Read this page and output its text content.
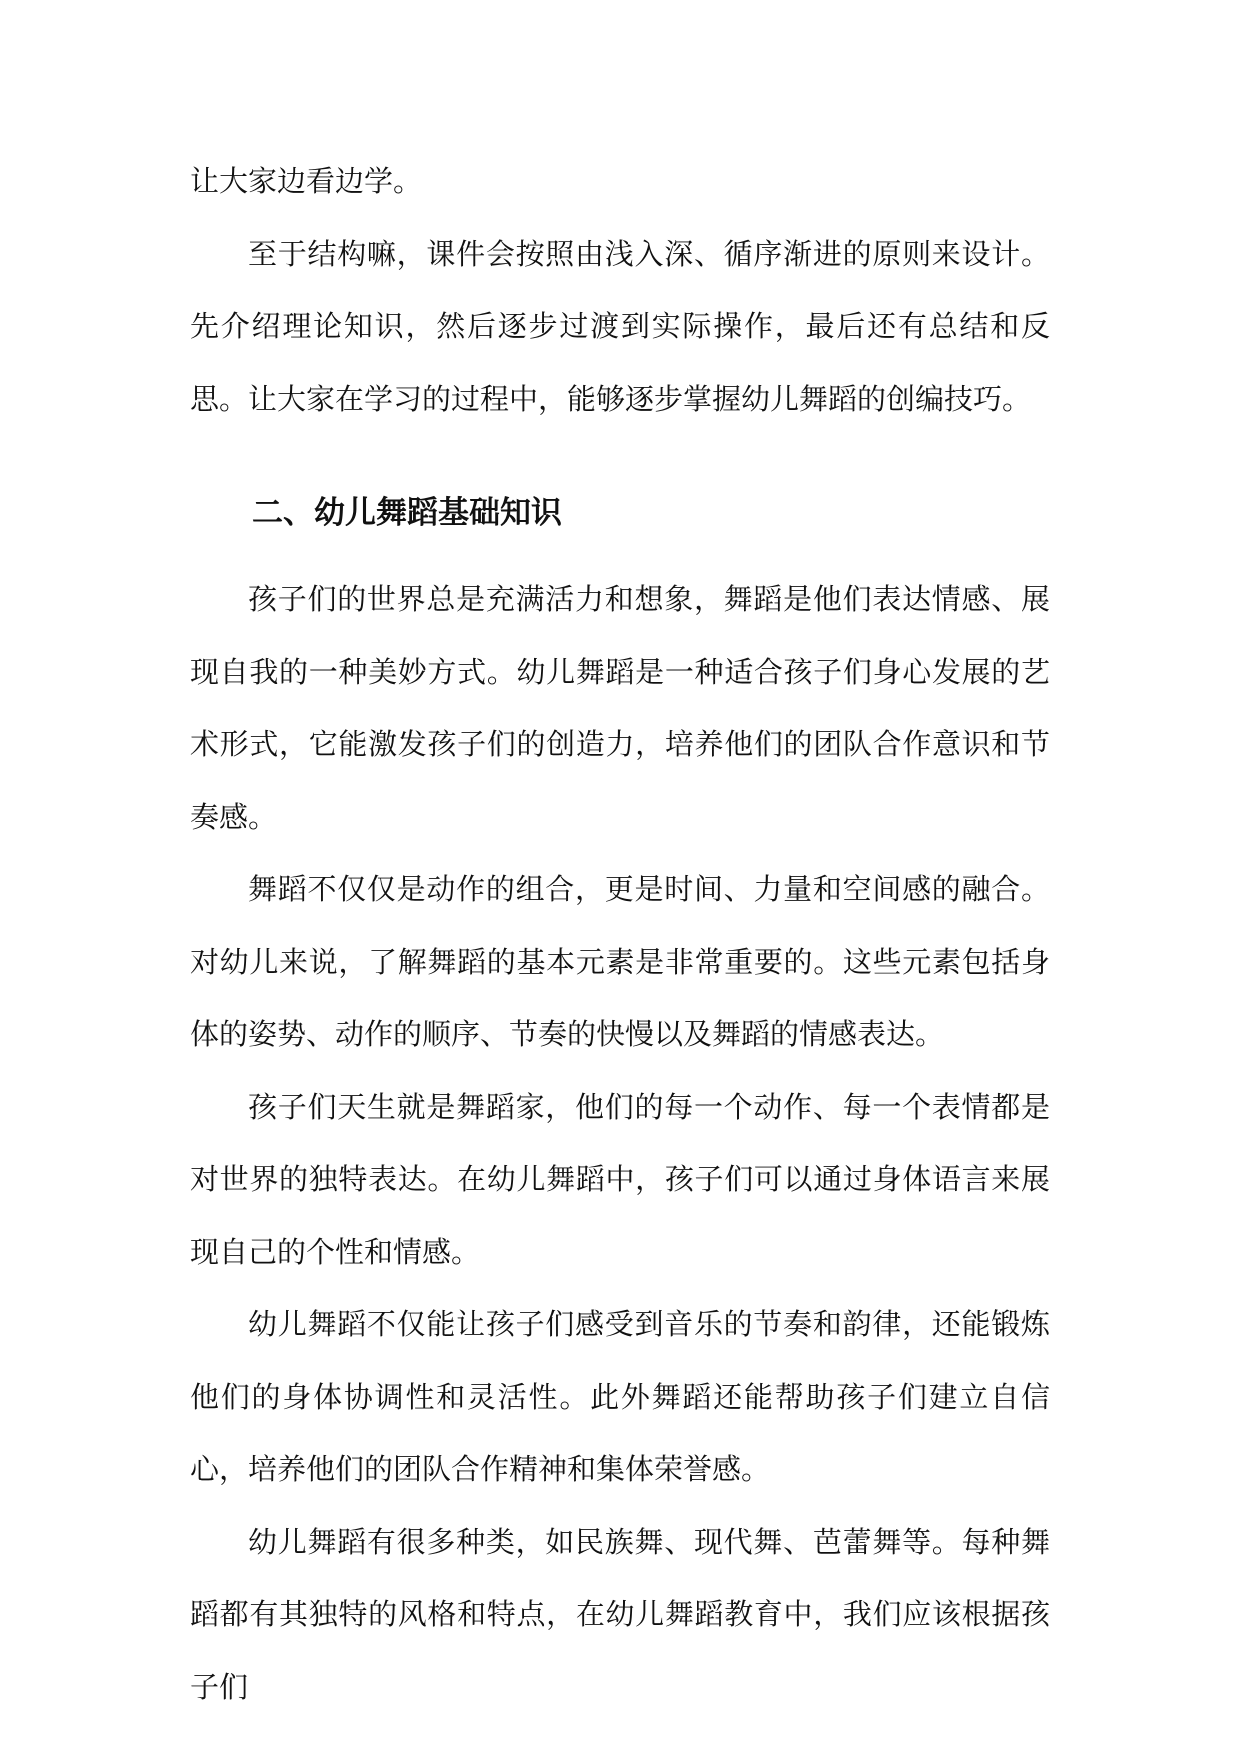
让大家边看边学。

至于结构嘛，课件会按照由浅入深、循序渐进的原则来设计。先介绍理论知识，然后逐步过渡到实际操作，最后还有总结和反思。让大家在学习的过程中，能够逐步掌握幼儿舞蹈的创编技巧。

二、幼儿舞蹈基础知识

孩子们的世界总是充满活力和想象，舞蹈是他们表达情感、展现自我的一种美妙方式。幼儿舞蹈是一种适合孩子们身心发展的艺术形式，它能激发孩子们的创造力，培养他们的团队合作意识和节奏感。

舞蹈不仅仅是动作的组合，更是时间、力量和空间感的融合。对幼儿来说，了解舞蹈的基本元素是非常重要的。这些元素包括身体的姿势、动作的顺序、节奏的快慢以及舞蹈的情感表达。

孩子们天生就是舞蹈家，他们的每一个动作、每一个表情都是对世界的独特表达。在幼儿舞蹈中，孩子们可以通过身体语言来展现自己的个性和情感。

幼儿舞蹈不仅能让孩子们感受到音乐的节奏和韵律，还能锻炼他们的身体协调性和灵活性。此外舞蹈还能帮助孩子们建立自信心，培养他们的团队合作精神和集体荣誉感。

幼儿舞蹈有很多种类，如民族舞、现代舞、芭蕾舞等。每种舞蹈都有其独特的风格和特点，在幼儿舞蹈教育中，我们应该根据孩子们
